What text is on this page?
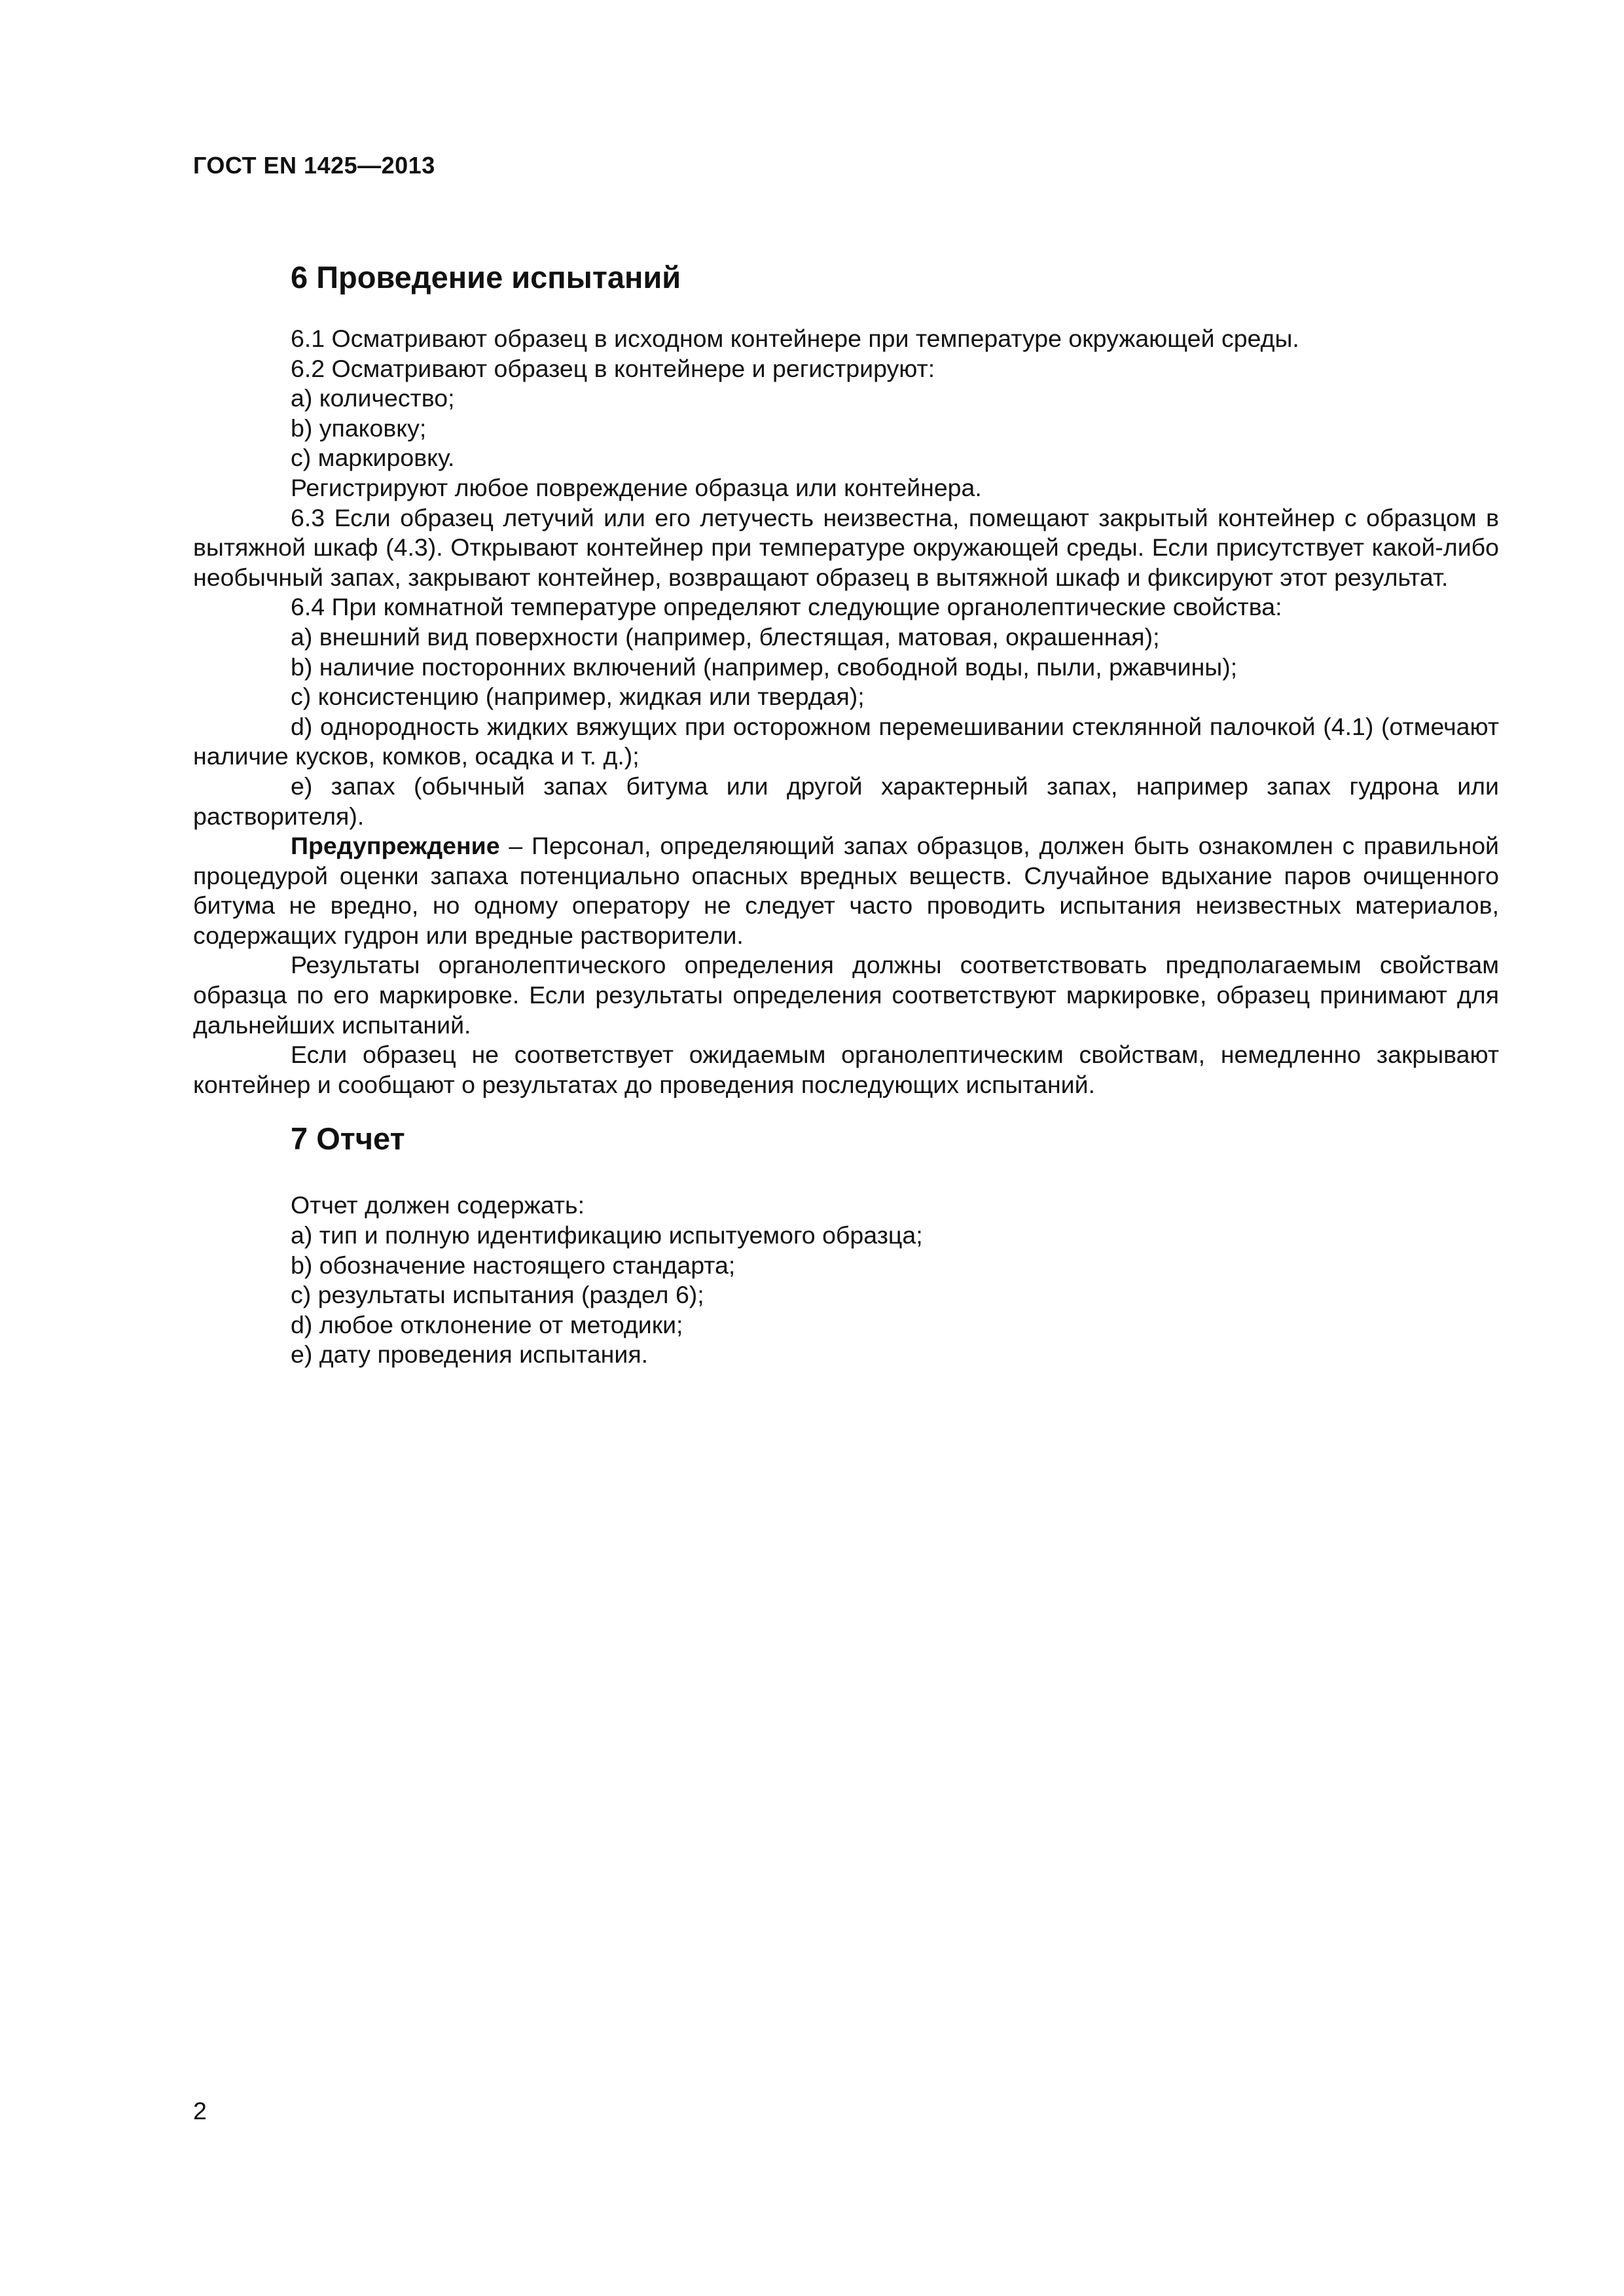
ГОСТ EN 1425—2013
6 Проведение испытаний

6.1 Осматривают образец в исходном контейнере при температуре окружающей среды.

6.2 Осматривают образец в контейнере и регистрируют:

a) количество;

b) упаковку;

c) маркировку.

Регистрируют любое повреждение образца или контейнера.

6.3 Если образец летучий или его летучесть неизвестна, помещают закрытый контейнер с образцом в вытяжной шкаф (4.3). Открывают контейнер при температуре окружающей среды. Если присутствует какой-либо необычный запах, закрывают контейнер, возвращают образец в вытяжной шкаф и фиксируют этот результат.

6.4 При комнатной температуре определяют следующие органолептические свойства:

a) внешний вид поверхности (например, блестящая, матовая, окрашенная);

b) наличие посторонних включений (например, свободной воды, пыли, ржавчины);

c) консистенцию (например, жидкая или твердая);

d) однородность жидких вяжущих при осторожном перемешивании стеклянной палочкой (4.1) (отмечают наличие кусков, комков, осадка и т. д.);

e) запах (обычный запах битума или другой характерный запах, например запах гудрона или растворителя).

Предупреждение – Персонал, определяющий запах образцов, должен быть ознакомлен с правильной процедурой оценки запаха потенциально опасных вредных веществ. Случайное вдыхание паров очищенного битума не вредно, но одному оператору не следует часто проводить испытания неизвестных материалов, содержащих гудрон или вредные растворители.

Результаты органолептического определения должны соответствовать предполагаемым свойствам образца по его маркировке. Если результаты определения соответствуют маркировке, образец принимают для дальнейших испытаний.

Если образец не соответствует ожидаемым органолептическим свойствам, немедленно закрывают контейнер и сообщают о результатах до проведения последующих испытаний.

7 Отчет

Отчет должен содержать:

a) тип и полную идентификацию испытуемого образца;

b) обозначение настоящего стандарта;

c) результаты испытания (раздел 6);

d) любое отклонение от методики;

e) дату проведения испытания.

2
